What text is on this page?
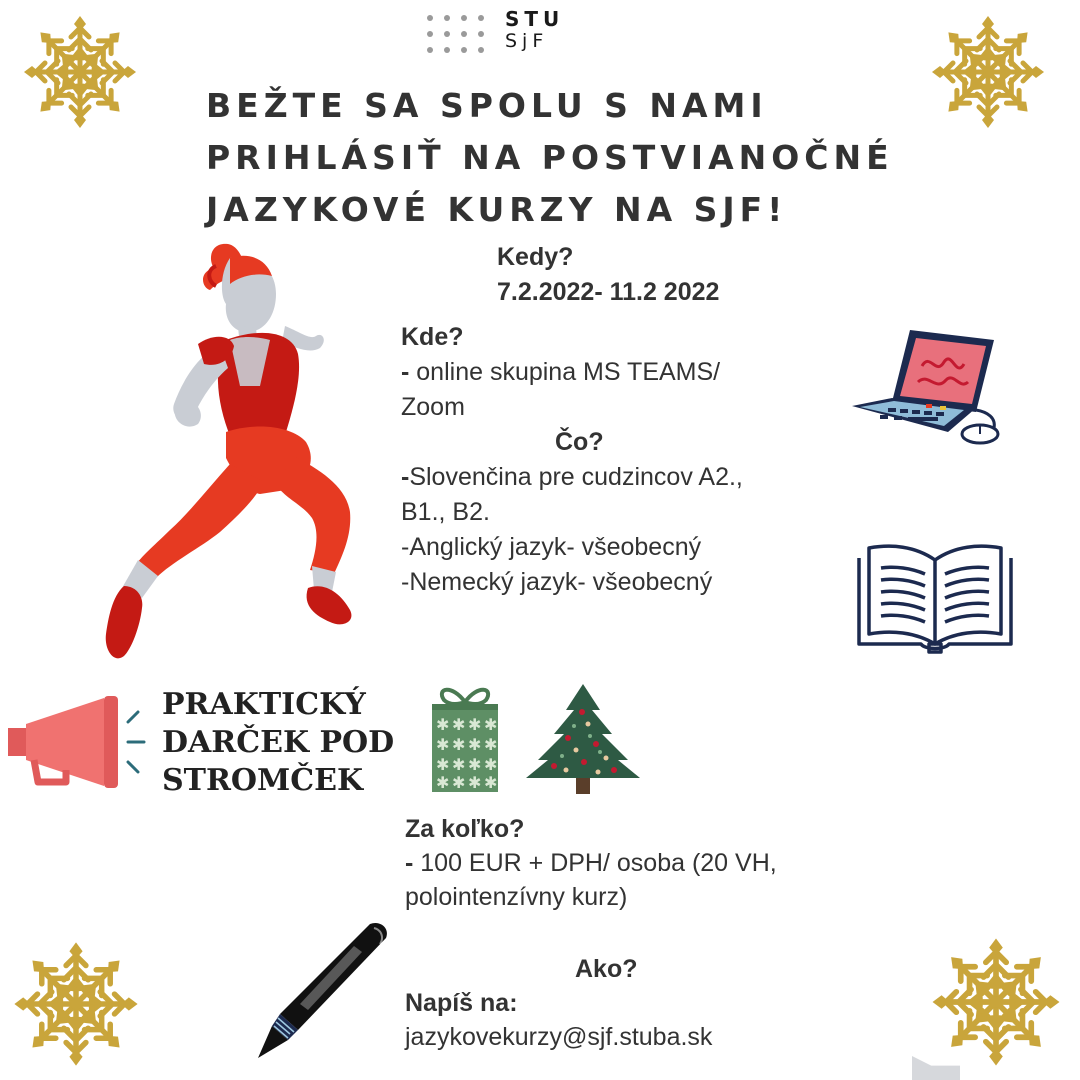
STU
SjF
BEŽTE SA SPOLU S NAMI
PRIHLÁSIŤ NA POSTVIANOČNÉ
JAZYKOVÉ KURZY NA SJF!
Kedy?
7.2.2022- 11.2 2022
Kde?
- online skupina MS TEAMS/
Zoom
Čo?
-Slovenčina pre cudzincov A2.,
B1., B2.
-Anglický jazyk- všeobecný
-Nemecký jazyk- všeobecný
PRAKTICKÝ
DARČEK POD
STROMČEK
✱ ✱ ✱ ✱
✱ ✱ ✱ ✱
✱ ✱ ✱ ✱
✱ ✱ ✱ ✱
Za koľko?
- 100 EUR + DPH/ osoba (20 VH,
polointenzívny kurz)
Ako?
Napíš na:
jazykovekurzy@sjf.stuba.sk
